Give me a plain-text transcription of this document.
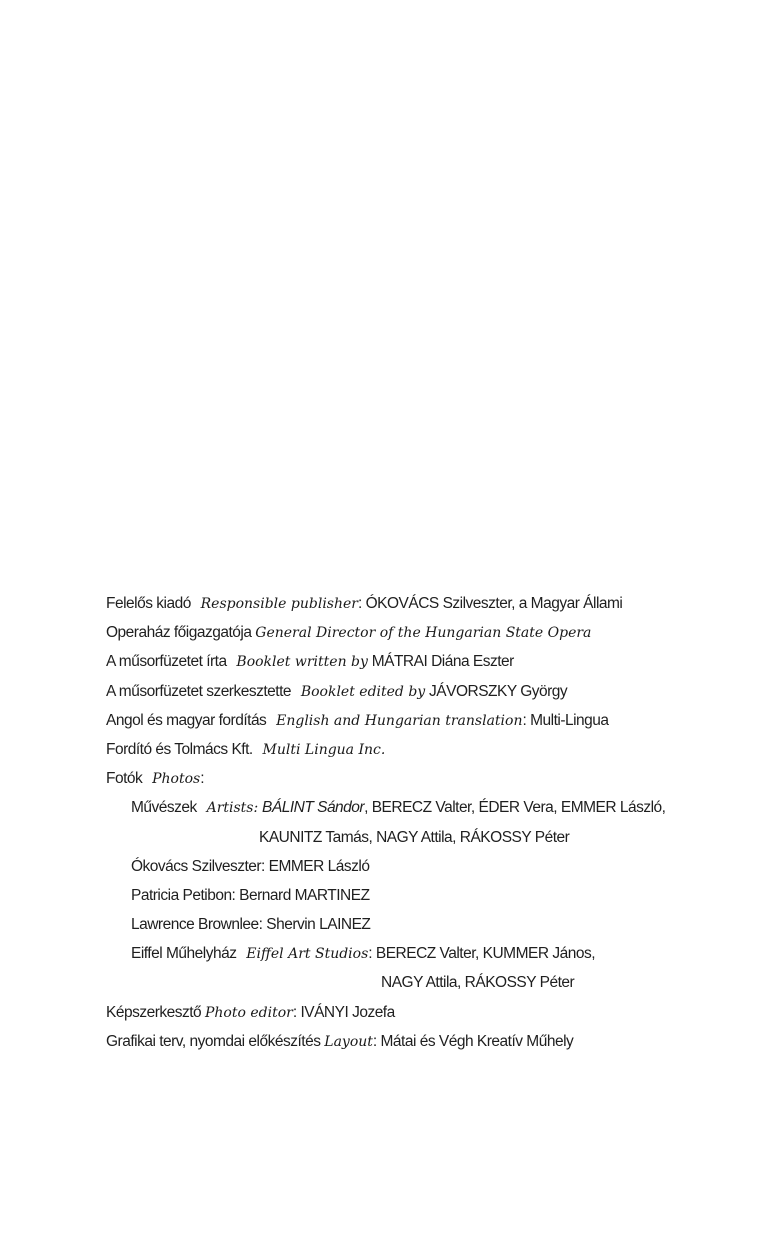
Felelős kiadó Responsible publisher: ÓKOVÁCS Szilveszter, a Magyar Állami
Operaház főigazgatója General Director of the Hungarian State Opera
A műsorfüzetet írta Booklet written by MÁTRAI Diána Eszter
A műsorfüzetet szerkesztette Booklet edited by JÁVORSZKY György
Angol és magyar fordítás English and Hungarian translation: Multi-Lingua
Fordító és Tolmács Kft. Multi Lingua Inc.
Fotók Photos:
Művészek Artists: BÁLINT Sándor, BERECZ Valter, ÉDER Vera, EMMER László,
KAUNITZ Tamás, NAGY Attila, RÁKOSSY Péter
Ókovács Szilveszter: EMMER László
Patricia Petibon: Bernard MARTINEZ
Lawrence Brownlee: Shervin LAINEZ
Eiffel Műhelyház Eiffel Art Studios: BERECZ Valter, KUMMER János,
NAGY Attila, RÁKOSSY Péter
Képszerkesztő Photo editor: IVÁNYI Jozefa
Grafikai terv, nyomdai előkészítés Layout: Mátai és Végh Kreatív Műhely
